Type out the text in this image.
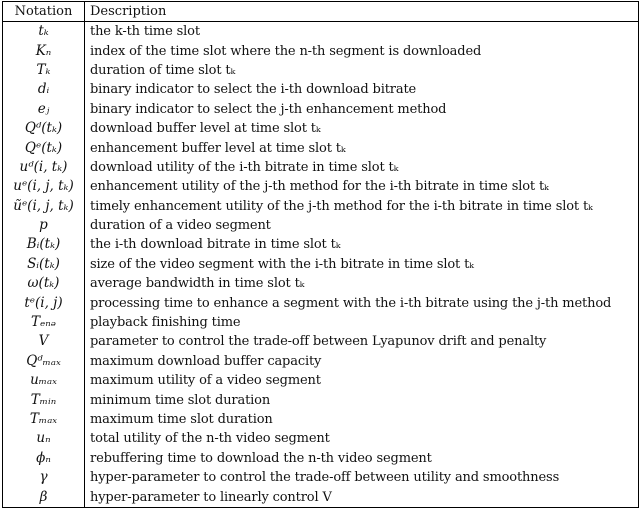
Notation	Description
tₖ	the k-th time slot
Kₙ	index of the time slot where the n-th segment is downloaded
Tₖ	duration of time slot tₖ
dᵢ	binary indicator to select the i-th download bitrate
eⱼ	binary indicator to select the j-th enhancement method
Qᵈ(tₖ)	download buffer level at time slot tₖ
Qᵉ(tₖ)	enhancement buffer level at time slot tₖ
uᵈ(i, tₖ)	download utility of the i-th bitrate in time slot tₖ
uᵉ(i, j, tₖ)	enhancement utility of the j-th method for the i-th bitrate in time slot tₖ
ũᵉ(i, j, tₖ)	timely enhancement utility of the j-th method for the i-th bitrate in time slot tₖ
p	duration of a video segment
Bᵢ(tₖ)	the i-th download bitrate in time slot tₖ
Sᵢ(tₖ)	size of the video segment with the i-th bitrate in time slot tₖ
ω(tₖ)	average bandwidth in time slot tₖ
tᵉ(i, j)	processing time to enhance a segment with the i-th bitrate using the j-th method
Tₑₙₔ	playback finishing time
V	parameter to control the trade-off between Lyapunov drift and penalty
Qᵈₘₐₓ	maximum download buffer capacity
uₘₐₓ	maximum utility of a video segment
Tₘᵢₙ	minimum time slot duration
Tₘₐₓ	maximum time slot duration
uₙ	total utility of the n-th video segment
ϕₙ	rebuffering time to download the n-th video segment
γ	hyper-parameter to control the trade-off between utility and smoothness
β	hyper-parameter to linearly control V
